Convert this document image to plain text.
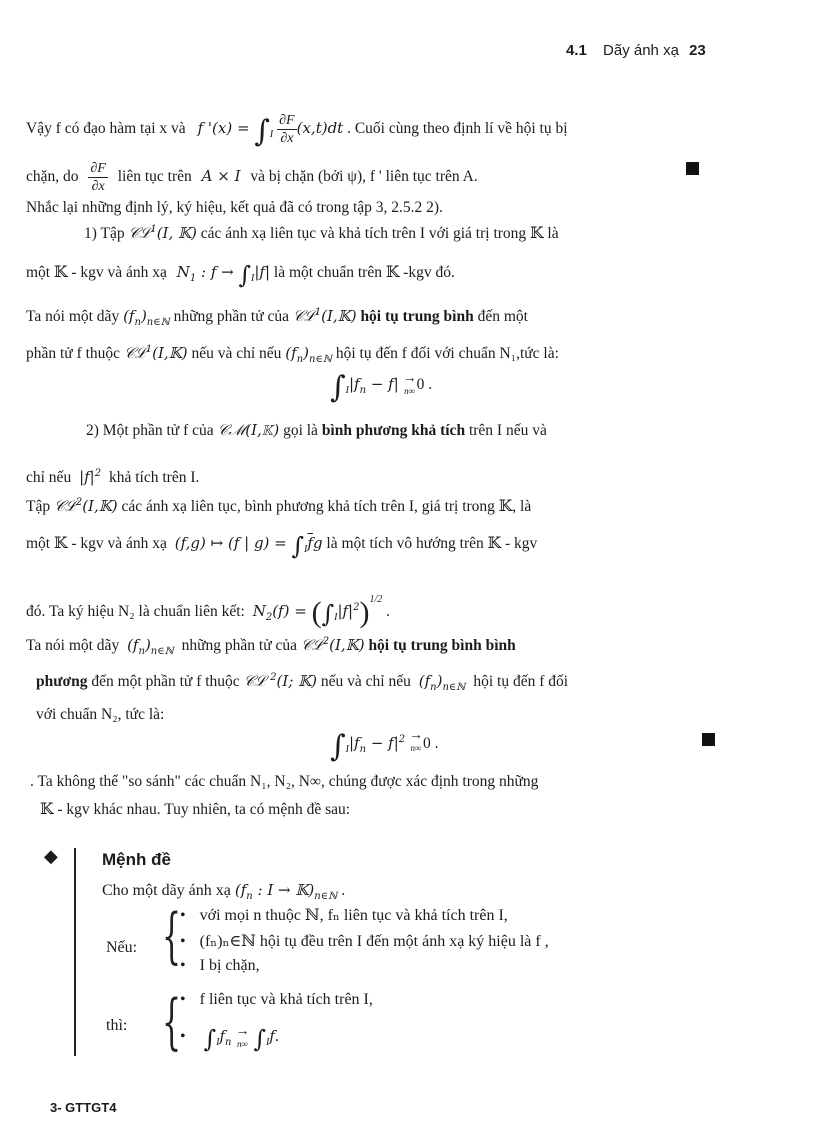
4.1 Dãy ánh xạ 23
Vậy f có đạo hàm tại x và f '$(x) = \int_I \frac{\partial F}{\partial x} (x,t)dt$ . Cuối cùng theo định lí về hội tụ bị
chặn, do $\frac{\partial F}{\partial x}$ liên tục trên A × I và bị chặn (bởi ψ), f ' liên tục trên A.
Nhắc lại những định lý, ký hiệu, kết quả đã có trong tập 3, 2.5.2 2).
1) Tập 𝒞ℒ$^1$(I, 𝕂) các ánh xạ liên tục và khả tích trên I với giá trị trong 𝕂 là
một 𝕂 - kgv và ánh xạ $N_1$ : $f \to \int_I|f|$ là một chuẩn trên 𝕂 -kgv đó.
Ta nói một dãy $(f_n)_{n\in ℕ}$ những phần tử của 𝒞ℒ$^1$(I,𝕂) hội tụ trung bình đến một
phần tử f thuộc 𝒞ℒ$^1$(I,𝕂) nếu và chỉ nếu $(f_n)_{n\in ℕ}$ hội tụ đến f đối với chuẩn N₁,tức là:
$\int_I|f_n - f|$ →
n∞ 0 .
2) Một phần tử f của 𝒞ℳ(I,𝕂) gọi là bình phương khả tích trên I nếu và
chỉ nếu $|f|^2$ khả tích trên I.
Tập 𝒞ℒ$^2$(I,𝕂) các ánh xạ liên tục, bình phương khả tích trên I, giá trị trong 𝕂, là
một 𝕂 - kgv và ánh xạ (f,g) ↦ (f | $g) = \int_I\overline{f}g$ là một tích vô hướng trên 𝕂 - kgv
đó. Ta ký hiệu N₂ là chuẩn liên kết: $N_2(f) = (\int_I|f|^2)^{1/2}$ .
Ta nói một dãy $(f_n)_{n\in ℕ}$ những phần tử của 𝒞ℒ$^2$(I,𝕂) hội tụ trung bình bình
phương đến một phần tử f thuộc 𝒞ℒ $^2$(I; 𝕂) nếu và chỉ nếu $(f_n)_{n\in ℕ}$ hội tụ đến f đối
với chuẩn N₂, tức là:
$\int_I|f_n - f|^2$ →
n∞ 0 .
. Ta không thể "so sánh" các chuẩn N₁, N₂, N∞, chúng được xác định trong những
𝕂 - kgv khác nhau. Tuy nhiên, ta có mệnh đề sau:
◆	Mệnh đề
Cho một dãy ánh xạ ($f_n$ : $I \to 𝕂)_{n\in ℕ}$ .
Nếu: {
• với mọi n thuộc ℕ, fₙ liên tục và khả tích trên I,
• (fₙ)ₙ∈ℕ hội tụ đều trên I đến một ánh xạ ký hiệu là f ,
• I bị chặn,
thì: {
• f liên tục và khả tích trên I,
• $\int_If_n$
→
n∞ $\int_If$.
3- GTTGT4
